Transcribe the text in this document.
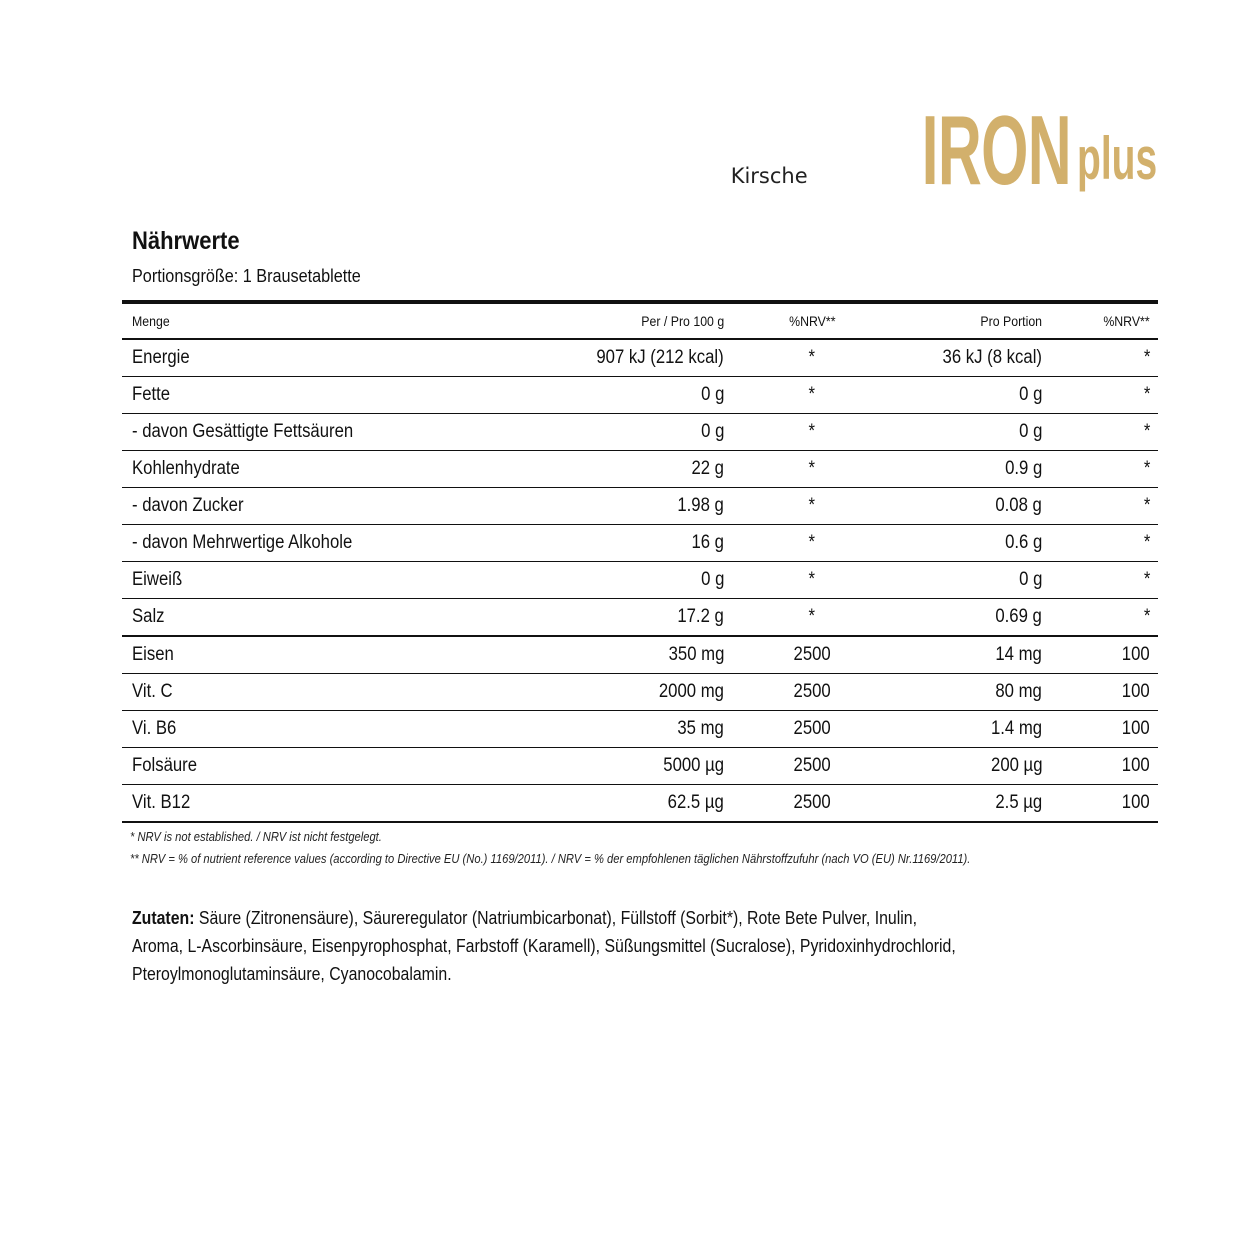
Kirsche IRON plus
Nährwerte
Portionsgröße: 1 Brausetablette
Menge	Per / Pro 100 g	%NRV**	Pro Portion	%NRV**
Energie	907 kJ (212 kcal)	*	36 kJ (8 kcal)	*
Fette	0 g	*	0 g	*
- davon Gesättigte Fettsäuren	0 g	*	0 g	*
Kohlenhydrate	22 g	*	0.9 g	*
- davon Zucker	1.98 g	*	0.08 g	*
- davon Mehrwertige Alkohole	16 g	*	0.6 g	*
Eiweiß	0 g	*	0 g	*
Salz	17.2 g	*	0.69 g	*
Eisen	350 mg	2500	14 mg	100
Vit. C	2000 mg	2500	80 mg	100
Vi. B6	35 mg	2500	1.4 mg	100
Folsäure	5000 µg	2500	200 µg	100
Vit. B12	62.5 µg	2500	2.5 µg	100
* NRV is not established. / NRV ist nicht festgelegt.
** NRV = % of nutrient reference values (according to Directive EU (No.) 1169/2011). / NRV = % der empfohlenen täglichen Nährstoffzufuhr (nach VO (EU) Nr.1169/2011).
Zutaten: Säure (Zitronensäure), Säureregulator (Natriumbicarbonat), Füllstoff (Sorbit*), Rote Bete Pulver, Inulin,
Aroma, L-Ascorbinsäure, Eisenpyrophosphat, Farbstoff (Karamell), Süßungsmittel (Sucralose), Pyridoxinhydrochlorid,
Pteroylmonoglutaminsäure, Cyanocobalamin.
